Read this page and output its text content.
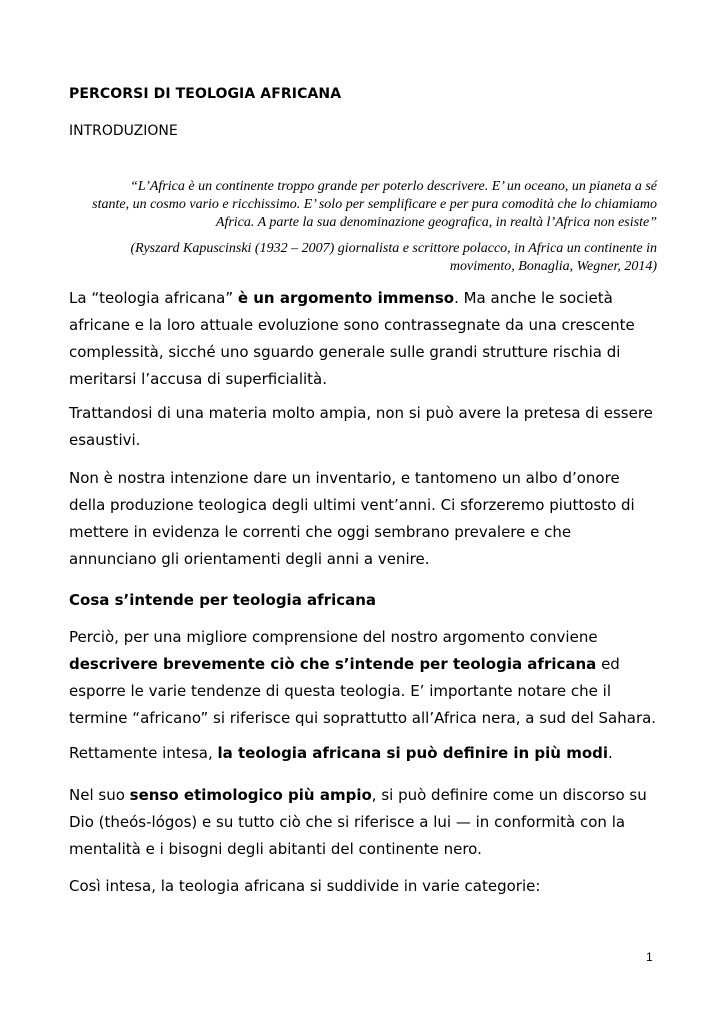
PERCORSI DI TEOLOGIA AFRICANA

INTRODUZIONE

“L’Africa è un continente troppo grande per poterlo descrivere. E’ un oceano, un pianeta a sé stante, un cosmo vario e ricchissimo. E’ solo per semplificare e per pura comodità che lo chiamiamo Africa. A parte la sua denominazione geografica, in realtà l’Africa non esiste”

(Ryszard Kapuscinski (1932 – 2007) giornalista e scrittore polacco, in Africa un continente in movimento, Bonaglia, Wegner, 2014)

La “teologia africana” è un argomento immenso. Ma anche le società africane e la loro attuale evoluzione sono contrassegnate da una crescente complessità, sicché uno sguardo generale sulle grandi strutture rischia di meritarsi l’accusa di superficialità.

Trattandosi di una materia molto ampia, non si può avere la pretesa di essere esaustivi.

Non è nostra intenzione dare un inventario, e tantomeno un albo d’onore della produzione teologica degli ultimi vent’anni. Ci sforzeremo piuttosto di mettere in evidenza le correnti che oggi sembrano prevalere e che annunciano gli orientamenti degli anni a venire.

Cosa s’intende per teologia africana

Perciò, per una migliore comprensione del nostro argomento conviene descrivere brevemente ciò che s’intende per teologia africana ed esporre le varie tendenze di questa teologia. E’ importante notare che il termine “africano” si riferisce qui soprattutto all’Africa nera, a sud del Sahara.

Rettamente intesa, la teologia africana si può definire in più modi.

Nel suo senso etimologico più ampio, si può definire come un discorso su Dio (theós-lógos) e su tutto ciò che si riferisce a lui — in conformità con la mentalità e i bisogni degli abitanti del continente nero.

Così intesa, la teologia africana si suddivide in varie categorie:

1
